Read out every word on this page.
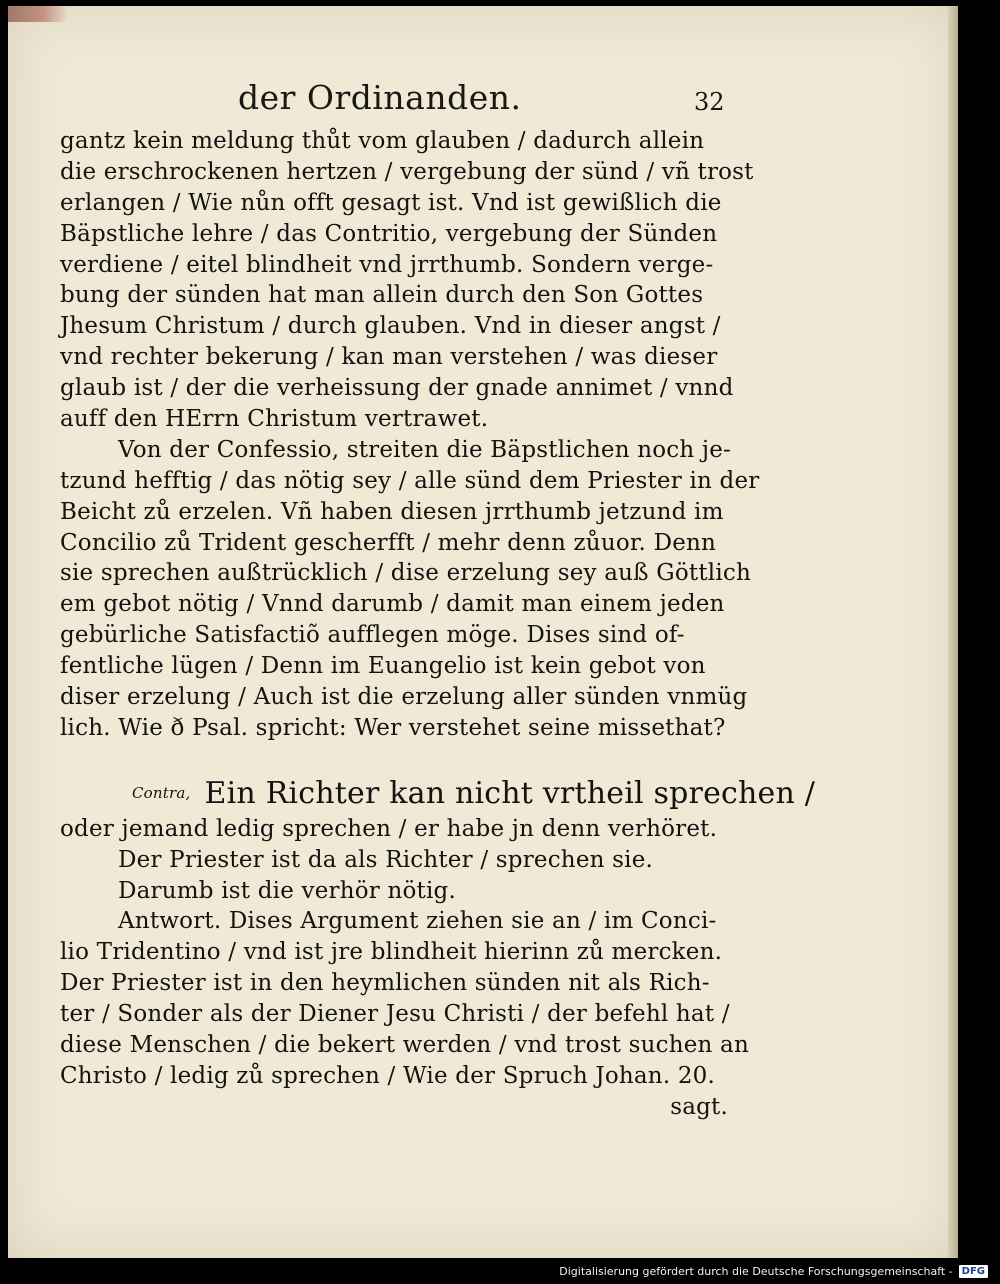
der Ordinanden.	32
gantz kein meldung thůt vom glauben / dadurch allein
die erschrockenen hertzen / vergebung der sünd / vñ trost
erlangen / Wie nůn offt gesagt ist. Vnd ist gewißlich die
Bäpstliche lehre / das Contritio, vergebung der Sünden
verdiene / eitel blindheit vnd jrrthumb. Sondern verge-
bung der sünden hat man allein durch den Son Gottes
Jhesum Christum / durch glauben. Vnd in dieser angst /
vnd rechter bekerung / kan man verstehen / was dieser
glaub ist / der die verheissung der gnade annimet / vnnd
auff den HErrn Christum vertrawet.
Von der Confessio, streiten die Bäpstlichen noch je-
tzund hefftig / das nötig sey / alle sünd dem Priester in der
Beicht zů erzelen. Vñ haben diesen jrrthumb jetzund im
Concilio zů Trident gescherfft / mehr denn zůuor. Denn
sie sprechen außtrücklich / dise erzelung sey auß Göttlich
em gebot nötig / Vnnd darumb / damit man einem jeden
gebürliche Satisfactiõ aufflegen möge. Dises sind of-
fentliche lügen / Denn im Euangelio ist kein gebot von
diser erzelung / Auch ist die erzelung aller sünden vnmüg
lich. Wie ð Psal. spricht: Wer verstehet seine missethat?
Contra, Ein Richter kan nicht vrtheil sprechen /
oder jemand ledig sprechen / er habe jn denn verhöret.
Der Priester ist da als Richter / sprechen sie.
Darumb ist die verhör nötig.
Antwort. Dises Argument ziehen sie an / im Conci-
lio Tridentino / vnd ist jre blindheit hierinn zů mercken.
Der Priester ist in den heymlichen sünden nit als Rich-
ter / Sonder als der Diener Jesu Christi / der befehl hat /
diese Menschen / die bekert werden / vnd trost suchen an
Christo / ledig zů sprechen / Wie der Spruch Johan. 20.
sagt.
Digitalisierung gefördert durch die Deutsche Forschungsgemeinschaft - DFG
